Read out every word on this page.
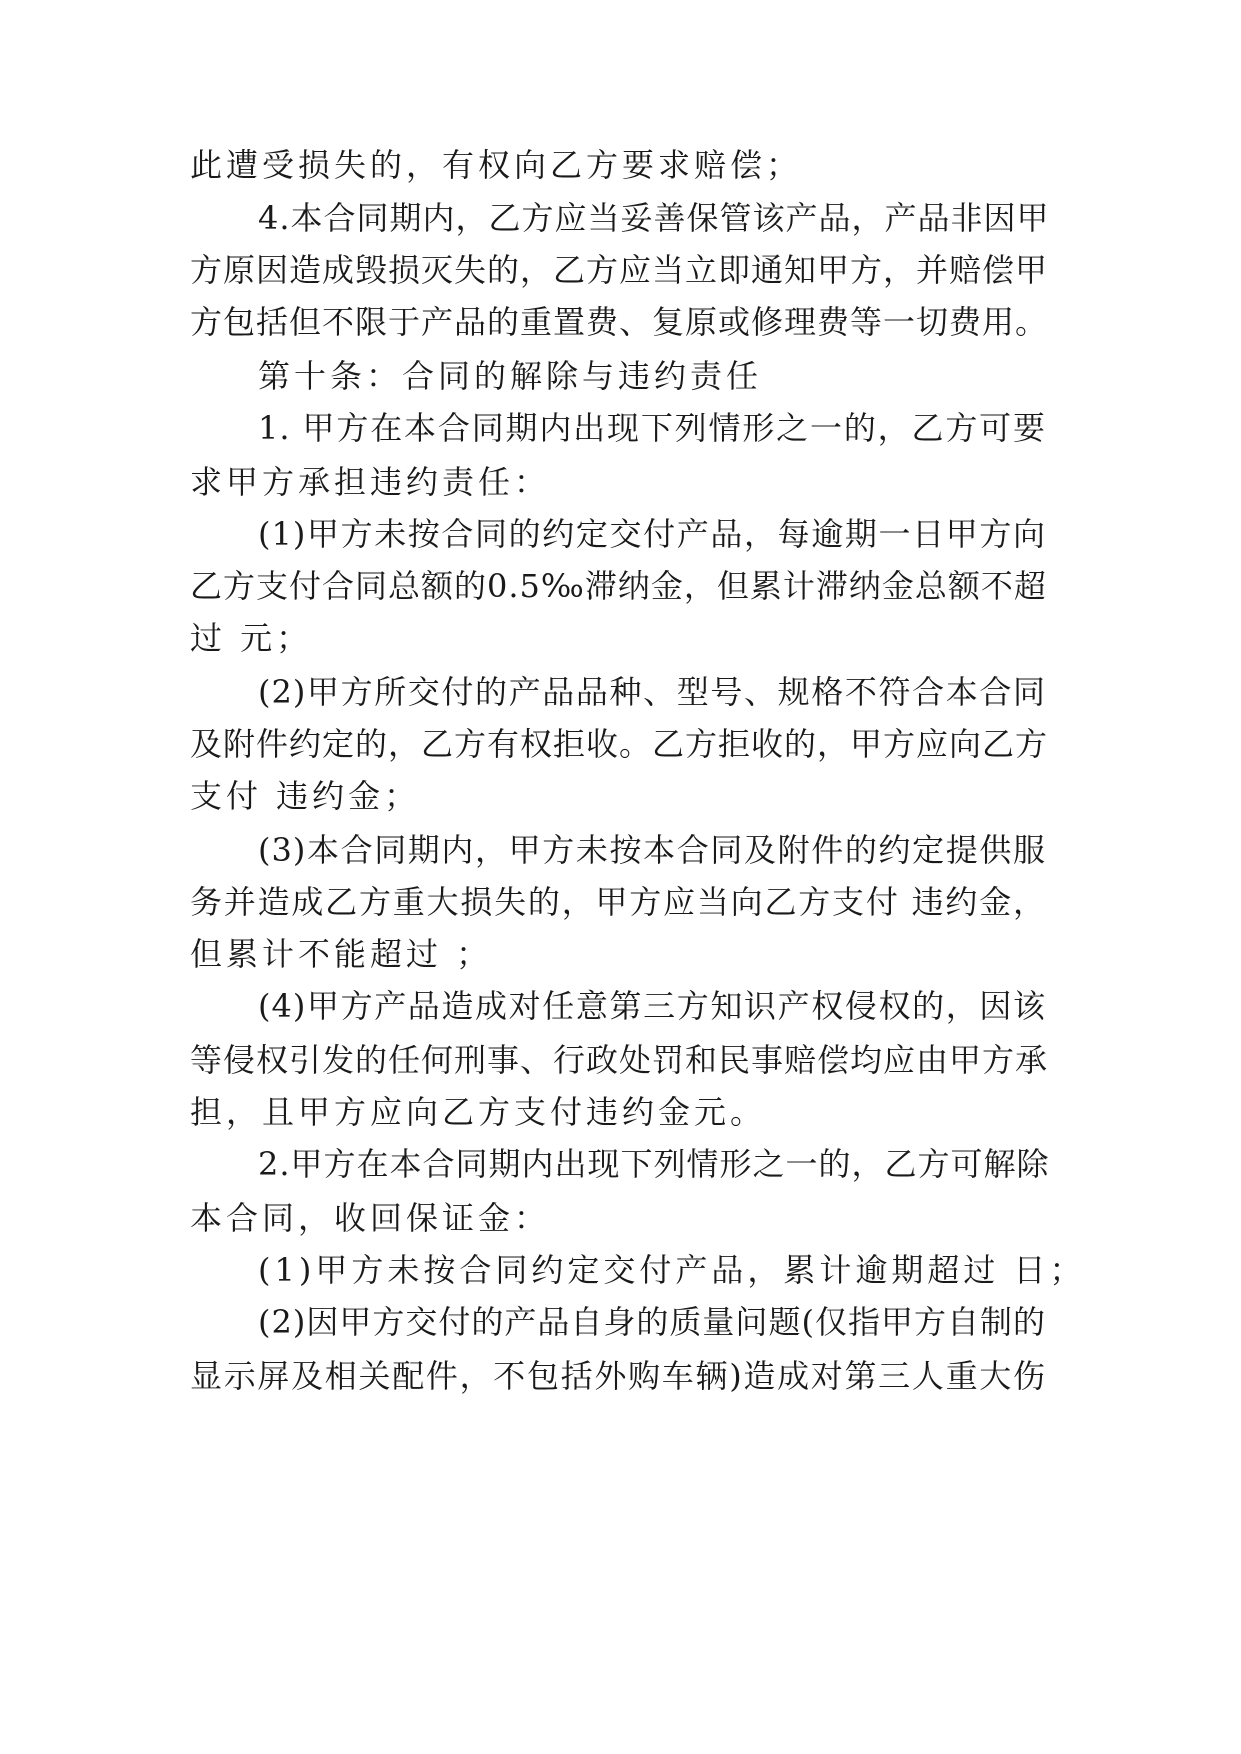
此遭受损失的，有权向乙方要求赔偿；
4.本合同期内，乙方应当妥善保管该产品，产品非因甲
方原因造成毁损灭失的，乙方应当立即通知甲方，并赔偿甲
方包括但不限于产品的重置费、复原或修理费等一切费用。
第十条：合同的解除与违约责任
1. 甲方在本合同期内出现下列情形之一的，乙方可要
求甲方承担违约责任：
(1)甲方未按合同的约定交付产品，每逾期一日甲方向
乙方支付合同总额的0.5‰滞纳金，但累计滞纳金总额不超
过 元；
(2)甲方所交付的产品品种、型号、规格不符合本合同
及附件约定的，乙方有权拒收。乙方拒收的，甲方应向乙方
支付 违约金；
(3)本合同期内，甲方未按本合同及附件的约定提供服
务并造成乙方重大损失的，甲方应当向乙方支付 违约金，
但累计不能超过 ；
(4)甲方产品造成对任意第三方知识产权侵权的，因该
等侵权引发的任何刑事、行政处罚和民事赔偿均应由甲方承
担，且甲方应向乙方支付违约金元。
2.甲方在本合同期内出现下列情形之一的，乙方可解除
本合同，收回保证金：
(1)甲方未按合同约定交付产品，累计逾期超过 日；
(2)因甲方交付的产品自身的质量问题(仅指甲方自制的
显示屏及相关配件，不包括外购车辆)造成对第三人重大伤
